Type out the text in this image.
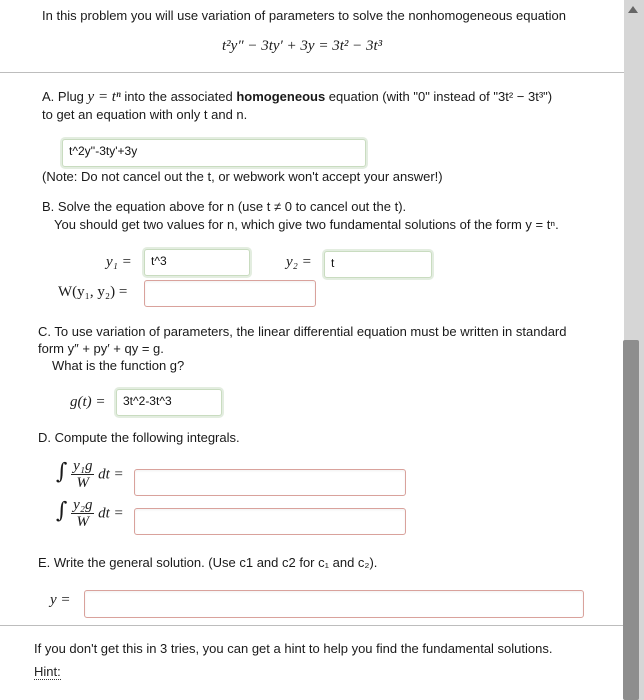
In this problem you will use variation of parameters to solve the nonhomogeneous equation
t²y″ − 3ty′ + 3y = 3t² − 3t³
A. Plug y = tⁿ into the associated homogeneous equation (with "0" instead of "3t² − 3t³")
to get an equation with only t and n.
t^2y''-3ty'+3y
(Note: Do not cancel out the t, or webwork won't accept your answer!)
B. Solve the equation above for n (use t ≠ 0 to cancel out the t).
You should get two values for n, which give two fundamental solutions of the form y = tⁿ.
y₁ =	t^3	y₂ =	t
W(y₁, y₂) =
C. To use variation of parameters, the linear differential equation must be written in standard
form y″ + py′ + qy = g.
What is the function g?
g(t) =	3t^2-3t^3
D. Compute the following integrals.
∫ $\frac{\text{y₁g}}{W}$ dt =
∫ $\frac{\text{y₂g}}{W}$ dt =
E. Write the general solution. (Use c1 and c2 for c₁ and c₂).
y =
If you don't get this in 3 tries, you can get a hint to help you find the fundamental solutions.
Hint:
